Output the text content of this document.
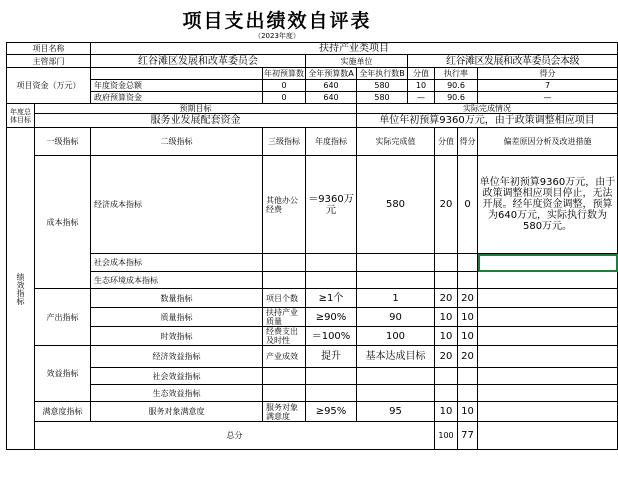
项目支出绩效自评表
（2023年度）
项目名称		扶持产业类项目							
主管部门		红谷滩区发展和改革委员会		实施单位		红谷滩区发展和改革委员会本级			
项目资金（万元）			年初预算数	全年预算数A	全年执行数B	分值	执行率		得分
		年度资金总额	0	640	580	10	90.6		7
		政府预算资金	0	640	580	—	90.6		—
年度总体目标	预期目标				实际完成情况				
	服务业发展配套资金				单位年初预算9360万元，由于政策调整相应项目				
绩效指标	一级指标	二级指标	三级指标	年度指标	实际完成值		分值	得分	偏差原因分析及改进措施
	成本指标	经济成本指标	其他办公经费	＝9360万元	580		20	0	单位年初预算9360万元，由于政策调整相应项目停止，无法开展。经年度资金调整，预算为640万元，实际执行数为580万元。
		社会成本指标							
		生态环境成本指标							
	产出指标	数量指标	项目个数	≥1个	1		20	20	
		质量指标	扶持产业质量	≥90%	90		10	10	
		时效指标	经费支出及时性	＝100%	100		10	10	
	效益指标	经济效益指标	产业成效	提升	基本达成目标		20	20	
		社会效益指标							
		生态效益指标							
	满意度指标	服务对象满意度	服务对象满意度	≥95%	95		10	10	
	总分						100	77	
